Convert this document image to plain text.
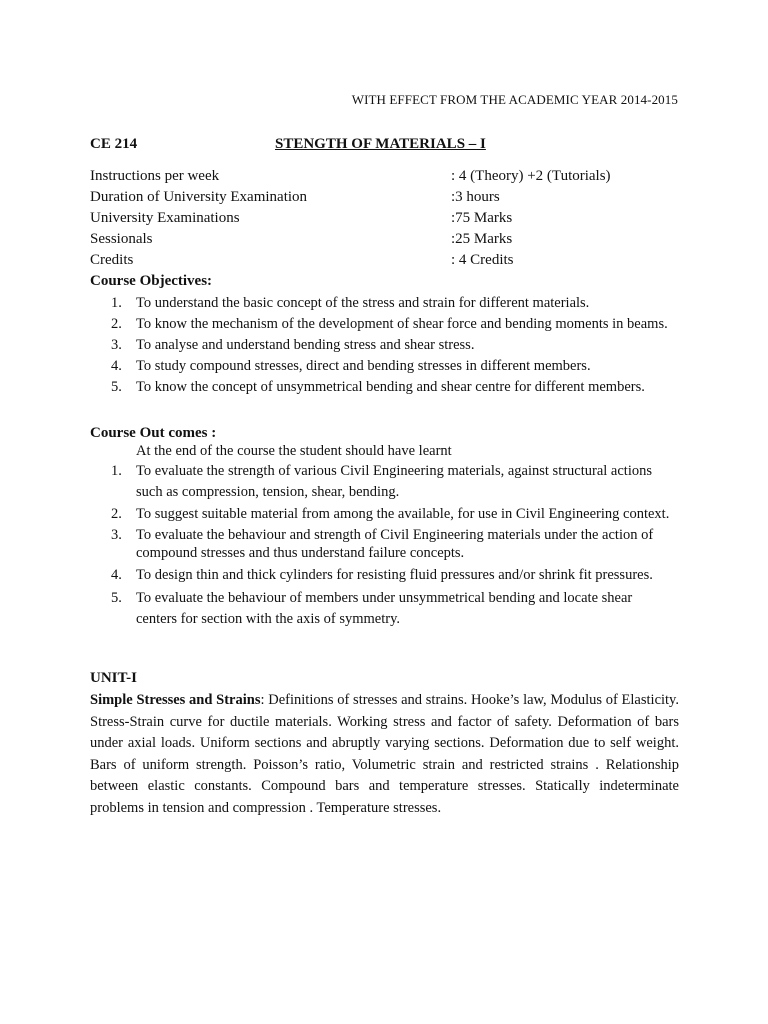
WITH EFFECT FROM THE ACADEMIC YEAR 2014-2015
CE 214	STENGTH OF MATERIALS – I
Instructions per week	: 4 (Theory) +2 (Tutorials)
Duration of University Examination	:3 hours
University Examinations	:75 Marks
Sessionals	:25 Marks
Credits	: 4 Credits
Course Objectives:
1. To understand the basic concept of the stress and strain for different materials.
2. To know the mechanism of the development of shear force and bending moments in beams.
3. To analyse and understand bending stress and shear stress.
4. To study compound stresses, direct and bending stresses in different members.
5. To know the concept of unsymmetrical bending and shear centre for different members.
Course Out comes :
At the end of the course the student should have learnt
1. To evaluate the strength of various Civil Engineering materials, against structural actions such as compression, tension, shear, bending.
2. To suggest suitable material from among the available, for use in Civil Engineering context.
3. To evaluate the behaviour and strength of Civil Engineering materials under the action of compound stresses and thus understand failure concepts.
4. To design thin and thick cylinders for resisting fluid pressures and/or shrink fit pressures.
5. To evaluate the behaviour of members under unsymmetrical bending and locate shear centers for section with the axis of symmetry.
UNIT-I
Simple Stresses and Strains: Definitions of stresses and strains. Hooke’s law, Modulus of Elasticity. Stress-Strain curve for ductile materials. Working stress and factor of safety. Deformation of bars under axial loads. Uniform sections and abruptly varying sections. Deformation due to self weight. Bars of uniform strength. Poisson’s ratio, Volumetric strain and restricted strains . Relationship between elastic constants. Compound bars and temperature stresses. Statically indeterminate problems in tension and compression . Temperature stresses.
